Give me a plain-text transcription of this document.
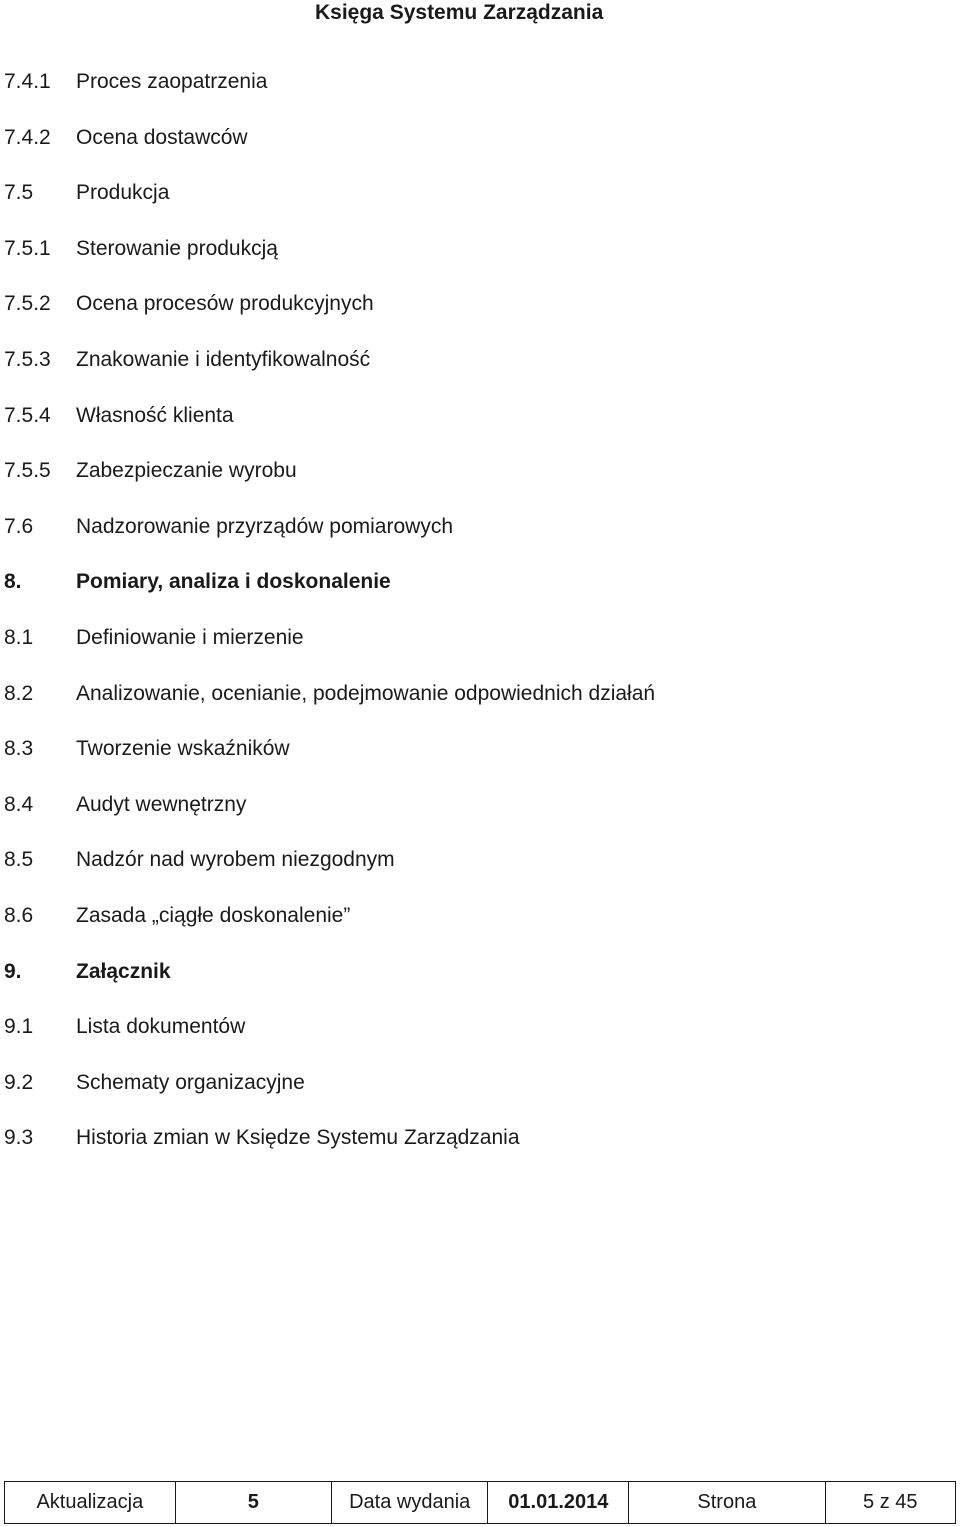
Księga Systemu Zarządzania
7.4.1 Proces zaopatrzenia
7.4.2 Ocena dostawców
7.5 Produkcja
7.5.1 Sterowanie produkcją
7.5.2 Ocena procesów produkcyjnych
7.5.3 Znakowanie i identyfikowalność
7.5.4 Własność klienta
7.5.5 Zabezpieczanie wyrobu
7.6 Nadzorowanie przyrządów pomiarowych
8.	Pomiary, analiza i doskonalenie
8.1 Definiowanie i mierzenie
8.2 Analizowanie, ocenianie, podejmowanie odpowiednich działań
8.3 Tworzenie wskaźników
8.4 Audyt wewnętrzny
8.5 Nadzór nad wyrobem niezgodnym
8.6 Zasada „ciągłe doskonalenie”
9.	Załącznik
9.1 Lista dokumentów
9.2 Schematy organizacyjne
9.3 Historia zmian w Księdze Systemu Zarządzania
Aktualizacja	5	Data wydania	01.01.2014	Strona	5 z 45
